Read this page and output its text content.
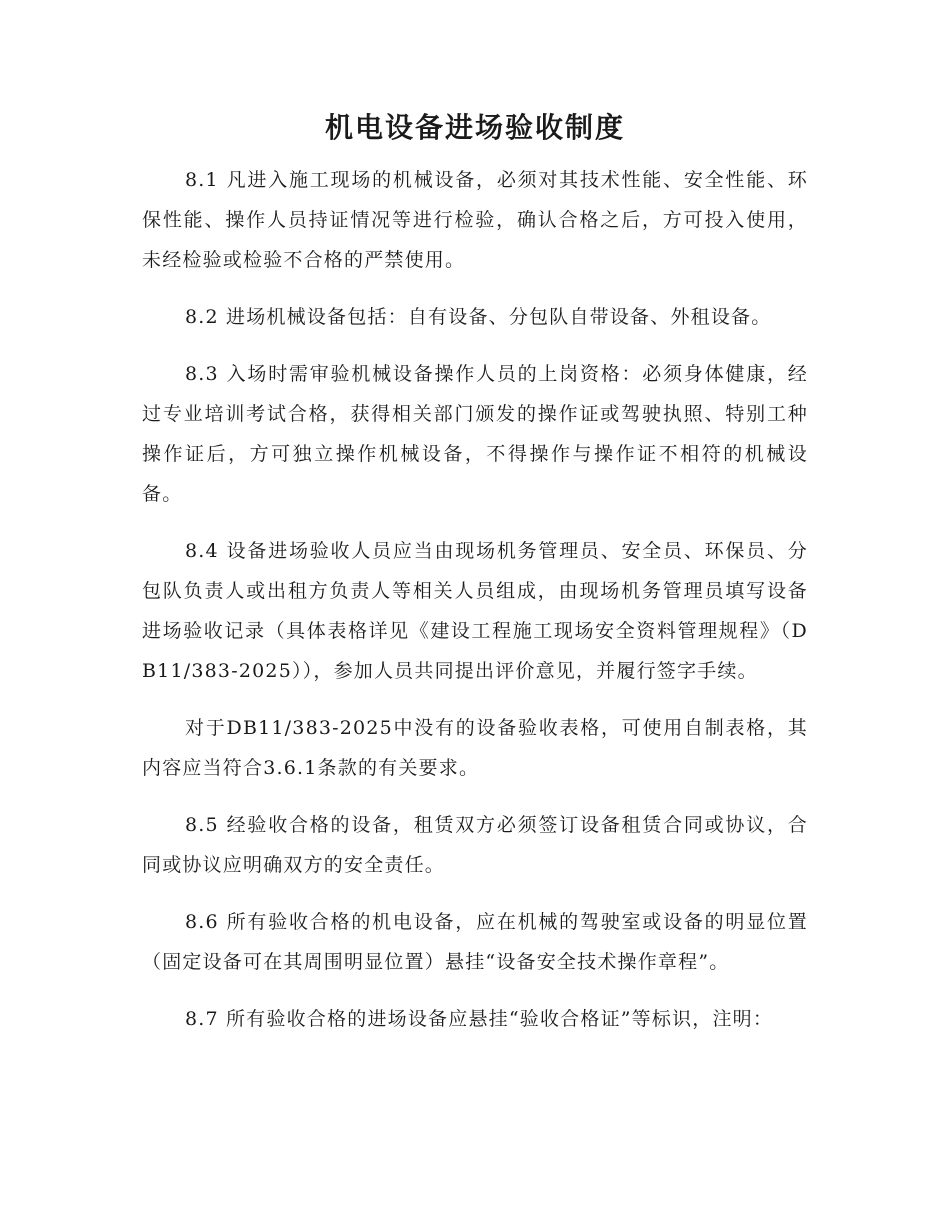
机电设备进场验收制度

8.1 凡进入施工现场的机械设备，必须对其技术性能、安全性能、环保性能、操作人员持证情况等进行检验，确认合格之后，方可投入使用，未经检验或检验不合格的严禁使用。

8.2 进场机械设备包括：自有设备、分包队自带设备、外租设备。

8.3 入场时需审验机械设备操作人员的上岗资格：必须身体健康，经过专业培训考试合格，获得相关部门颁发的操作证或驾驶执照、特别工种操作证后，方可独立操作机械设备，不得操作与操作证不相符的机械设备。

8.4 设备进场验收人员应当由现场机务管理员、安全员、环保员、分包队负责人或出租方负责人等相关人员组成，由现场机务管理员填写设备进场验收记录（具体表格详见《建设工程施工现场安全资料管理规程》（DB11/383-2025）），参加人员共同提出评价意见，并履行签字手续。

对于DB11/383-2025中没有的设备验收表格，可使用自制表格，其内容应当符合3.6.1条款的有关要求。

8.5 经验收合格的设备，租赁双方必须签订设备租赁合同或协议，合同或协议应明确双方的安全责任。

8.6 所有验收合格的机电设备，应在机械的驾驶室或设备的明显位置（固定设备可在其周围明显位置）悬挂“设备安全技术操作章程”。

8.7 所有验收合格的进场设备应悬挂“验收合格证”等标识，注明：
